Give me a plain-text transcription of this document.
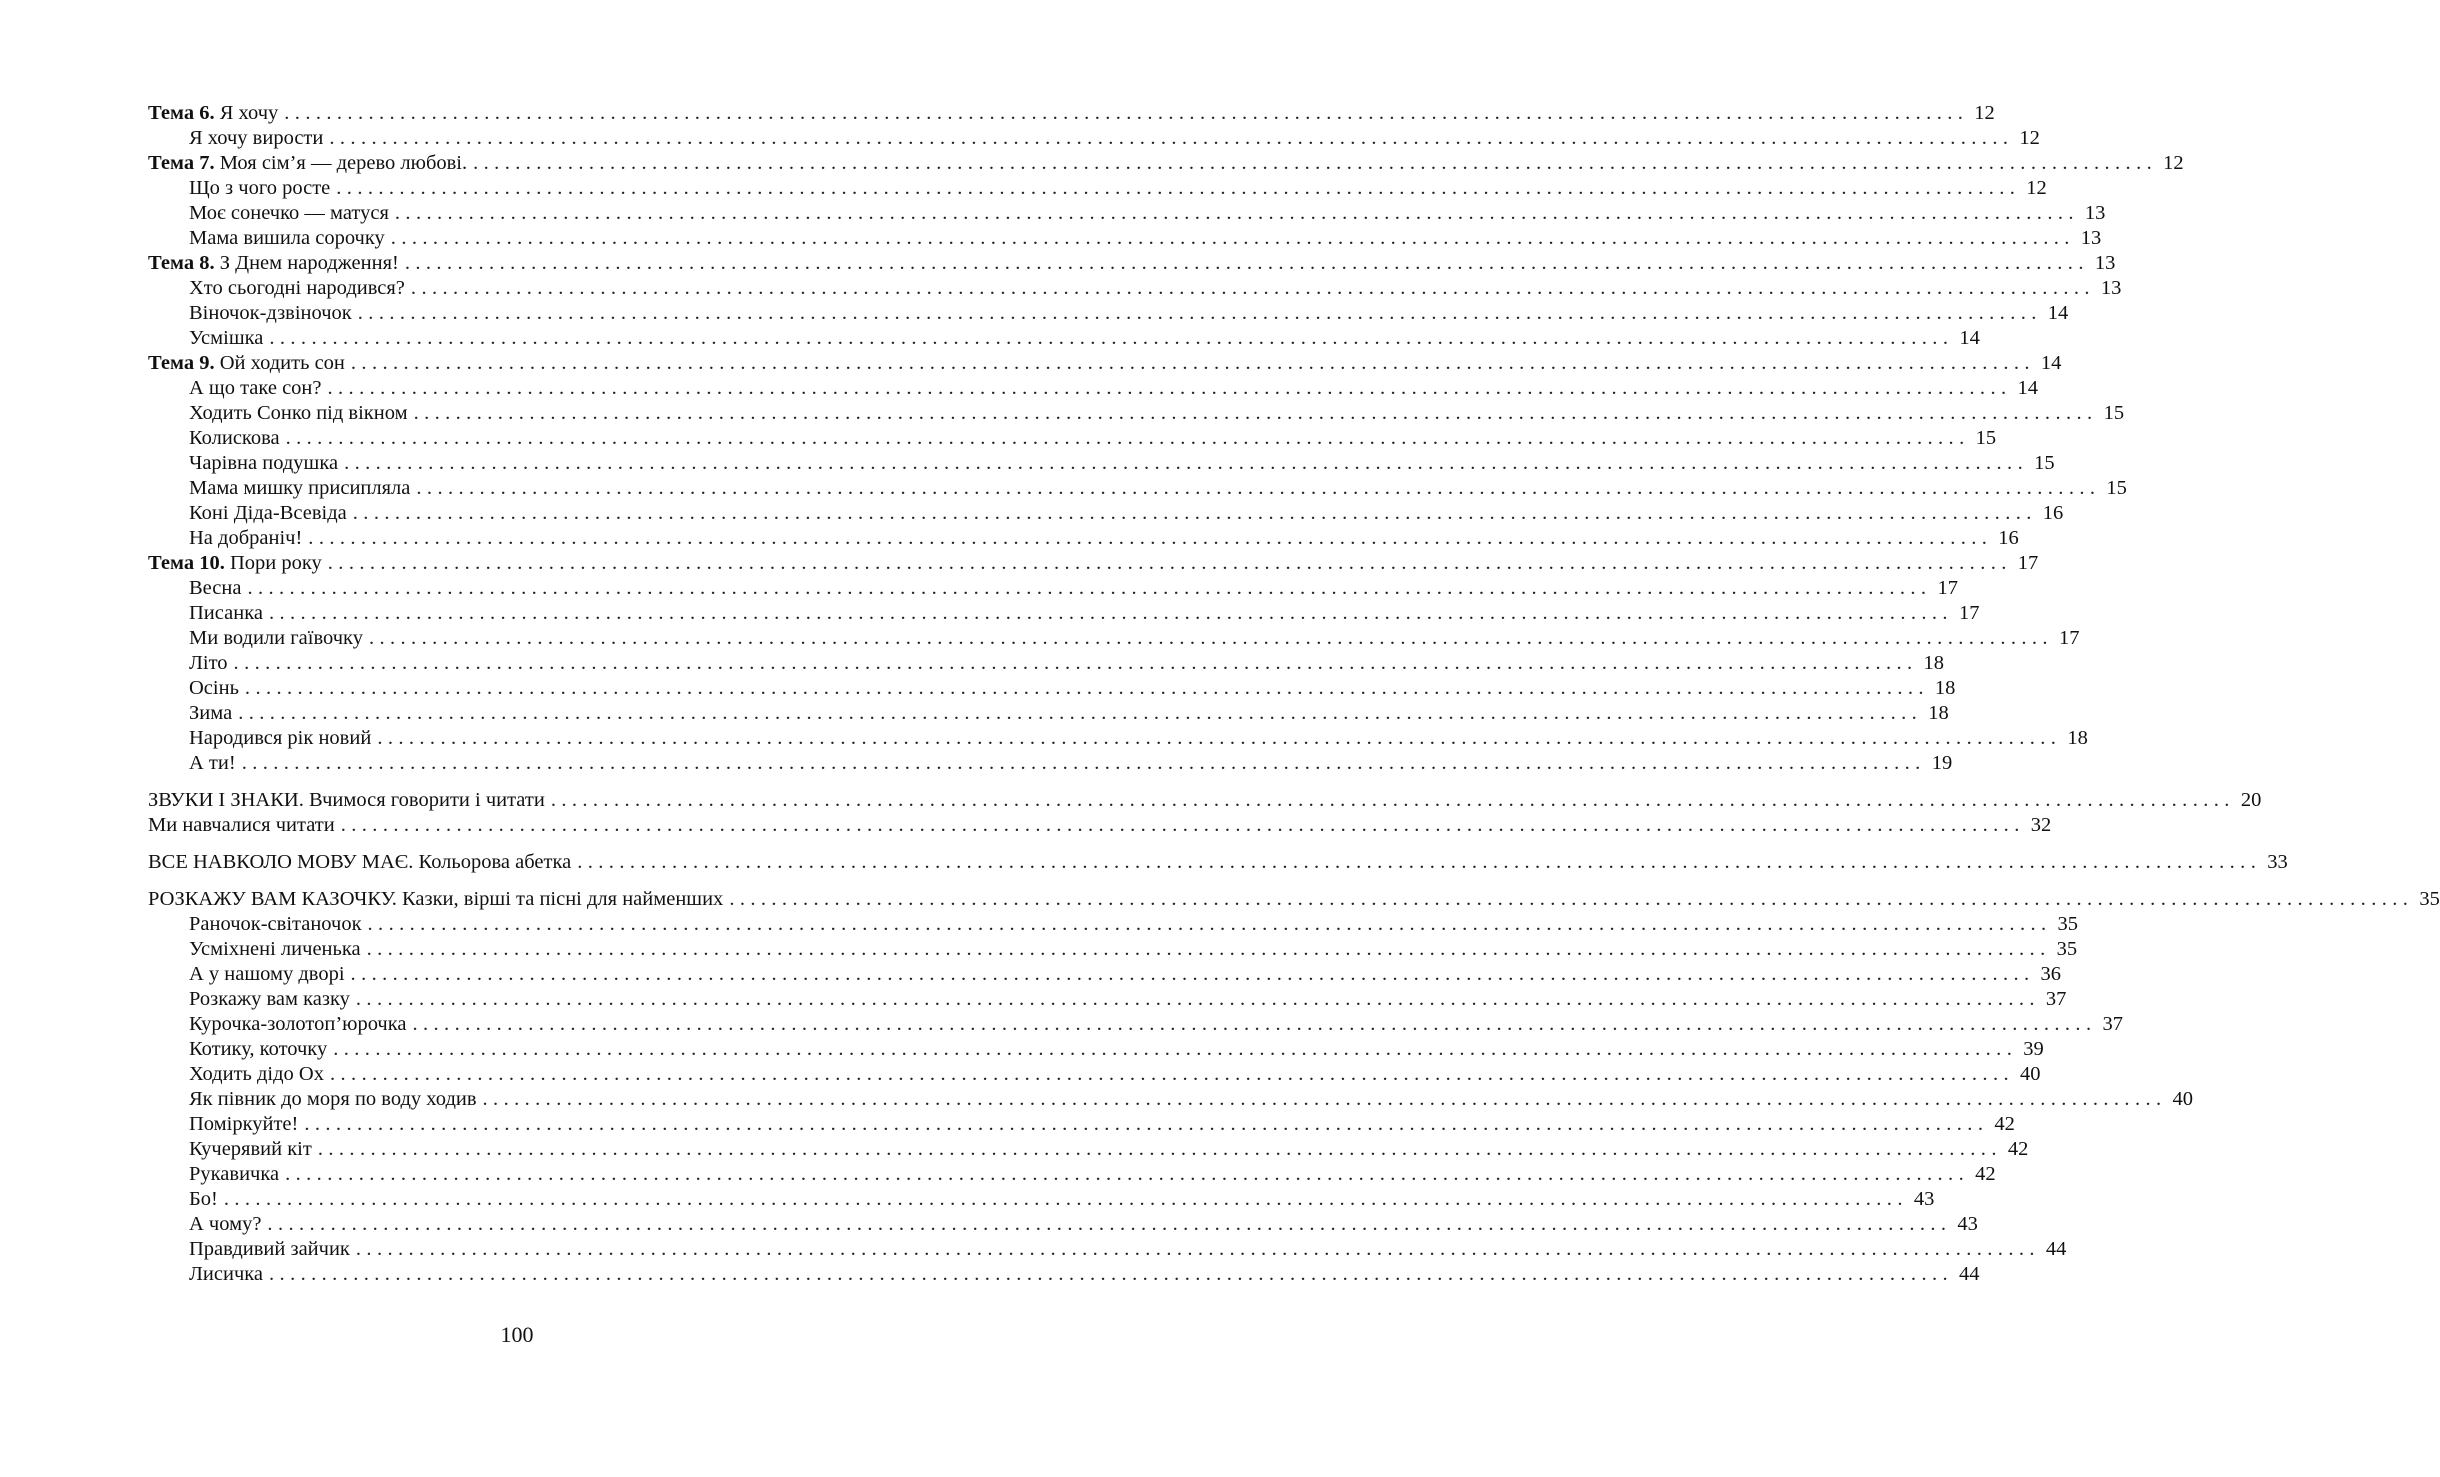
Тема 6. Я хочу ................................................................................................................................................................ 12
Я хочу вирости ................................................................................................................................................................ 12
Тема 7. Моя сім’я — дерево любові. ................................................................................................................................................................ 12
Що з чого росте ................................................................................................................................................................ 12
Моє сонечко — матуся ................................................................................................................................................................ 13
Мама вишила сорочку ................................................................................................................................................................ 13
Тема 8. З Днем народження! ................................................................................................................................................................ 13
Хто сьогодні народився? ................................................................................................................................................................ 13
Віночок-дзвіночок ................................................................................................................................................................ 14
Усмішка ................................................................................................................................................................ 14
Тема 9. Ой ходить сон ................................................................................................................................................................ 14
А що таке сон? ................................................................................................................................................................ 14
Ходить Сонко під вікном ................................................................................................................................................................ 15
Колискова ................................................................................................................................................................ 15
Чарівна подушка ................................................................................................................................................................ 15
Мама мишку присипляла ................................................................................................................................................................ 15
Коні Діда-Всевіда ................................................................................................................................................................ 16
На добраніч! ................................................................................................................................................................ 16
Тема 10. Пори року ................................................................................................................................................................ 17
Весна ................................................................................................................................................................ 17
Писанка ................................................................................................................................................................ 17
Ми водили гаївочку ................................................................................................................................................................ 17
Літо ................................................................................................................................................................ 18
Осінь ................................................................................................................................................................ 18
Зима ................................................................................................................................................................ 18
Народився рік новий ................................................................................................................................................................ 18
А ти! ................................................................................................................................................................ 19
ЗВУКИ І ЗНАКИ. Вчимося говорити і читати ................................................................................................................................................................ 20
Ми навчалися читати ................................................................................................................................................................ 32
ВСЕ НАВКОЛО МОВУ МАЄ. Кольорова абетка ................................................................................................................................................................ 33
РОЗКАЖУ ВАМ КАЗОЧКУ. Казки, вірші та пісні для найменших ................................................................................................................................................................ 35
Раночок-світаночок ................................................................................................................................................................ 35
Усміхнені личенька ................................................................................................................................................................ 35
А у нашому дворі ................................................................................................................................................................ 36
Розкажу вам казку ................................................................................................................................................................ 37
Курочка-золотоп’юрочка ................................................................................................................................................................ 37
Котику, коточку ................................................................................................................................................................ 39
Ходить дідо Ох ................................................................................................................................................................ 40
Як півник до моря по воду ходив ................................................................................................................................................................ 40
Поміркуйте! ................................................................................................................................................................ 42
Кучерявий кіт ................................................................................................................................................................ 42
Рукавичка ................................................................................................................................................................ 42
Бо! ................................................................................................................................................................ 43
А чому? ................................................................................................................................................................ 43
Правдивий зайчик ................................................................................................................................................................ 44
Лисичка ................................................................................................................................................................ 44
100
